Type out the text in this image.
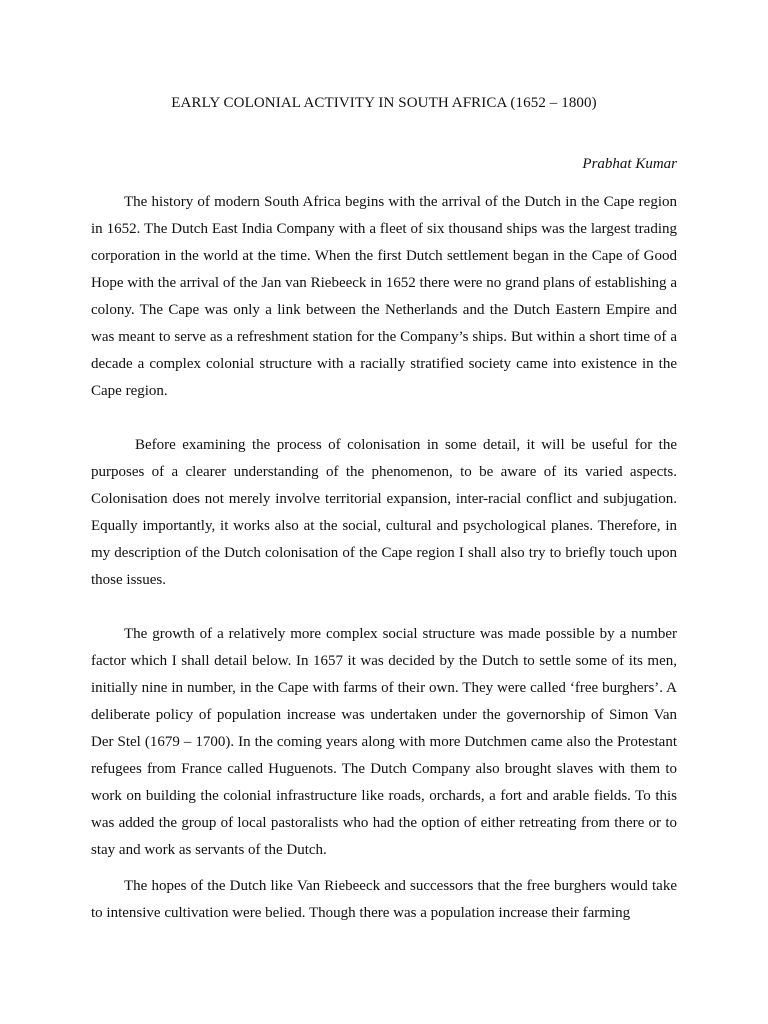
EARLY COLONIAL ACTIVITY IN SOUTH AFRICA (1652 – 1800)
Prabhat Kumar

The history of modern South Africa begins with the arrival of the Dutch in the Cape region in 1652. The Dutch East India Company with a fleet of six thousand ships was the largest trading corporation in the world at the time. When the first Dutch settlement began in the Cape of Good Hope with the arrival of the Jan van Riebeeck in 1652 there were no grand plans of establishing a colony. The Cape was only a link between the Netherlands and the Dutch Eastern Empire and was meant to serve as a refreshment station for the Company’s ships. But within a short time of a decade a complex colonial structure with a racially stratified society came into existence in the Cape region.

Before examining the process of colonisation in some detail, it will be useful for the purposes of a clearer understanding of the phenomenon, to be aware of its varied aspects. Colonisation does not merely involve territorial expansion, inter-racial conflict and subjugation. Equally importantly, it works also at the social, cultural and psychological planes. Therefore, in my description of the Dutch colonisation of the Cape region I shall also try to briefly touch upon those issues.

The growth of a relatively more complex social structure was made possible by a number factor which I shall detail below. In 1657 it was decided by the Dutch to settle some of its men, initially nine in number, in the Cape with farms of their own. They were called ‘free burghers’. A deliberate policy of population increase was undertaken under the governorship of Simon Van Der Stel (1679 – 1700). In the coming years along with more Dutchmen came also the Protestant refugees from France called Huguenots. The Dutch Company also brought slaves with them to work on building the colonial infrastructure like roads, orchards, a fort and arable fields. To this was added the group of local pastoralists who had the option of either retreating from there or to stay and work as servants of the Dutch.

The hopes of the Dutch like Van Riebeeck and successors that the free burghers would take to intensive cultivation were belied. Though there was a population increase their farming
